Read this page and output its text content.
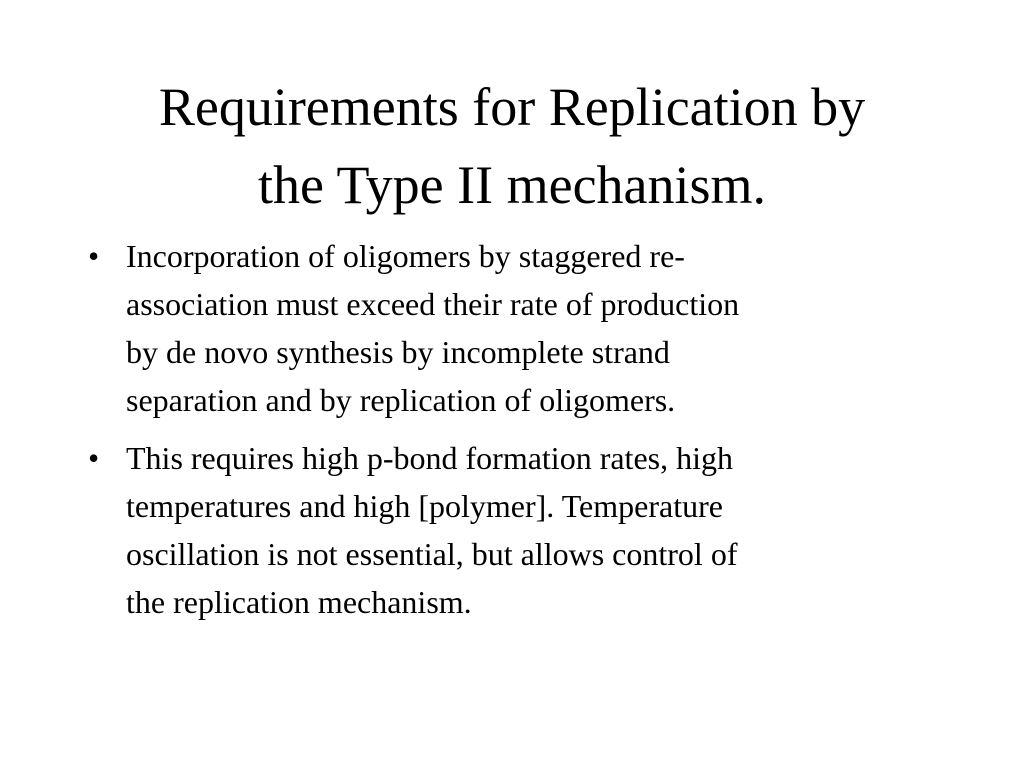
Requirements for Replication by
the Type II mechanism.
• Incorporation of oligomers by staggered re-
association must exceed their rate of production
by de novo synthesis by incomplete strand
separation and by replication of oligomers.
• This requires high p-bond formation rates, high
temperatures and high [polymer]. Temperature
oscillation is not essential, but allows control of
the replication mechanism.
